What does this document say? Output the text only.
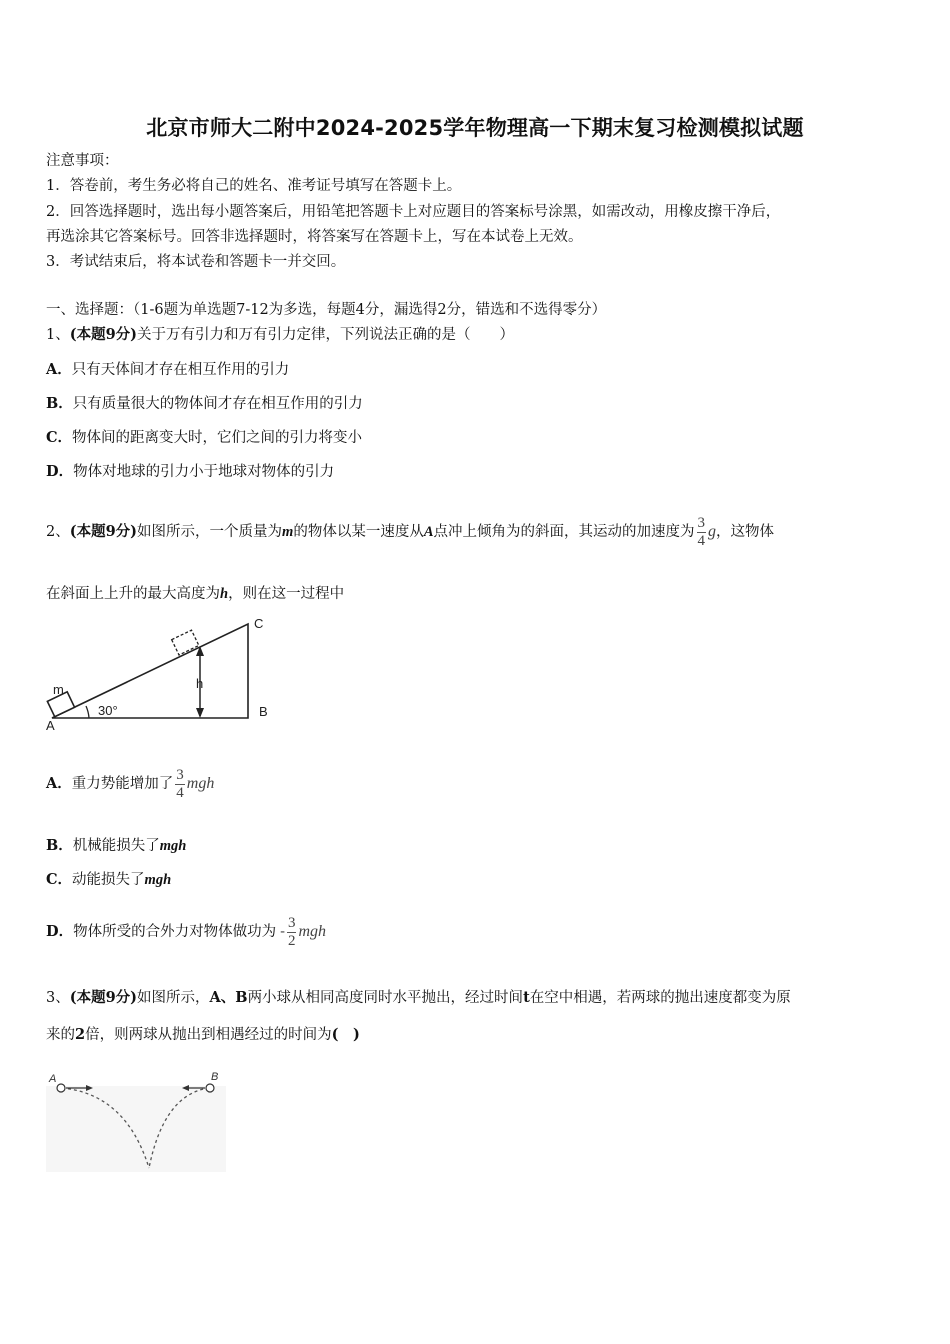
北京市师大二附中2024-2025学年物理高一下期末复习检测模拟试题
注意事项：
1．答卷前，考生务必将自己的姓名、准考证号填写在答题卡上。
2．回答选择题时，选出每小题答案后，用铅笔把答题卡上对应题目的答案标号涂黑，如需改动，用橡皮擦干净后，
再选涂其它答案标号。回答非选择题时，将答案写在答题卡上，写在本试卷上无效。
3．考试结束后，将本试卷和答题卡一并交回。
一、选择题：（1-6题为单选题7-12为多选，每题4分，漏选得2分，错选和不选得零分）
1、(本题9分)关于万有引力和万有引力定律，下列说法正确的是（　　）
A．只有天体间才存在相互作用的引力
B．只有质量很大的物体间才存在相互作用的引力
C．物体间的距离变大时，它们之间的引力将变小
D．物体对地球的引力小于地球对物体的引力
2、(本题9分)如图所示，一个质量为m的物体以某一速度从A点冲上倾角为的斜面，其运动的加速度为 $\frac{3}{4}$ g，这物体
在斜面上上升的最大高度为h，则在这一过程中
C
m	h
A
B
30°
A．重力势能增加了 $\frac{3}{4}$ mgh
B．机械能损失了mgh
C．动能损失了mgh
D．物体所受的合外力对物体做功为 - $\frac{3}{2}$ mgh
3、(本题9分)如图所示，A、B两小球从相同高度同时水平抛出，经过时间t在空中相遇，若两球的抛出速度都变为原
来的2倍，则两球从抛出到相遇经过的时间为(　)
A	B
